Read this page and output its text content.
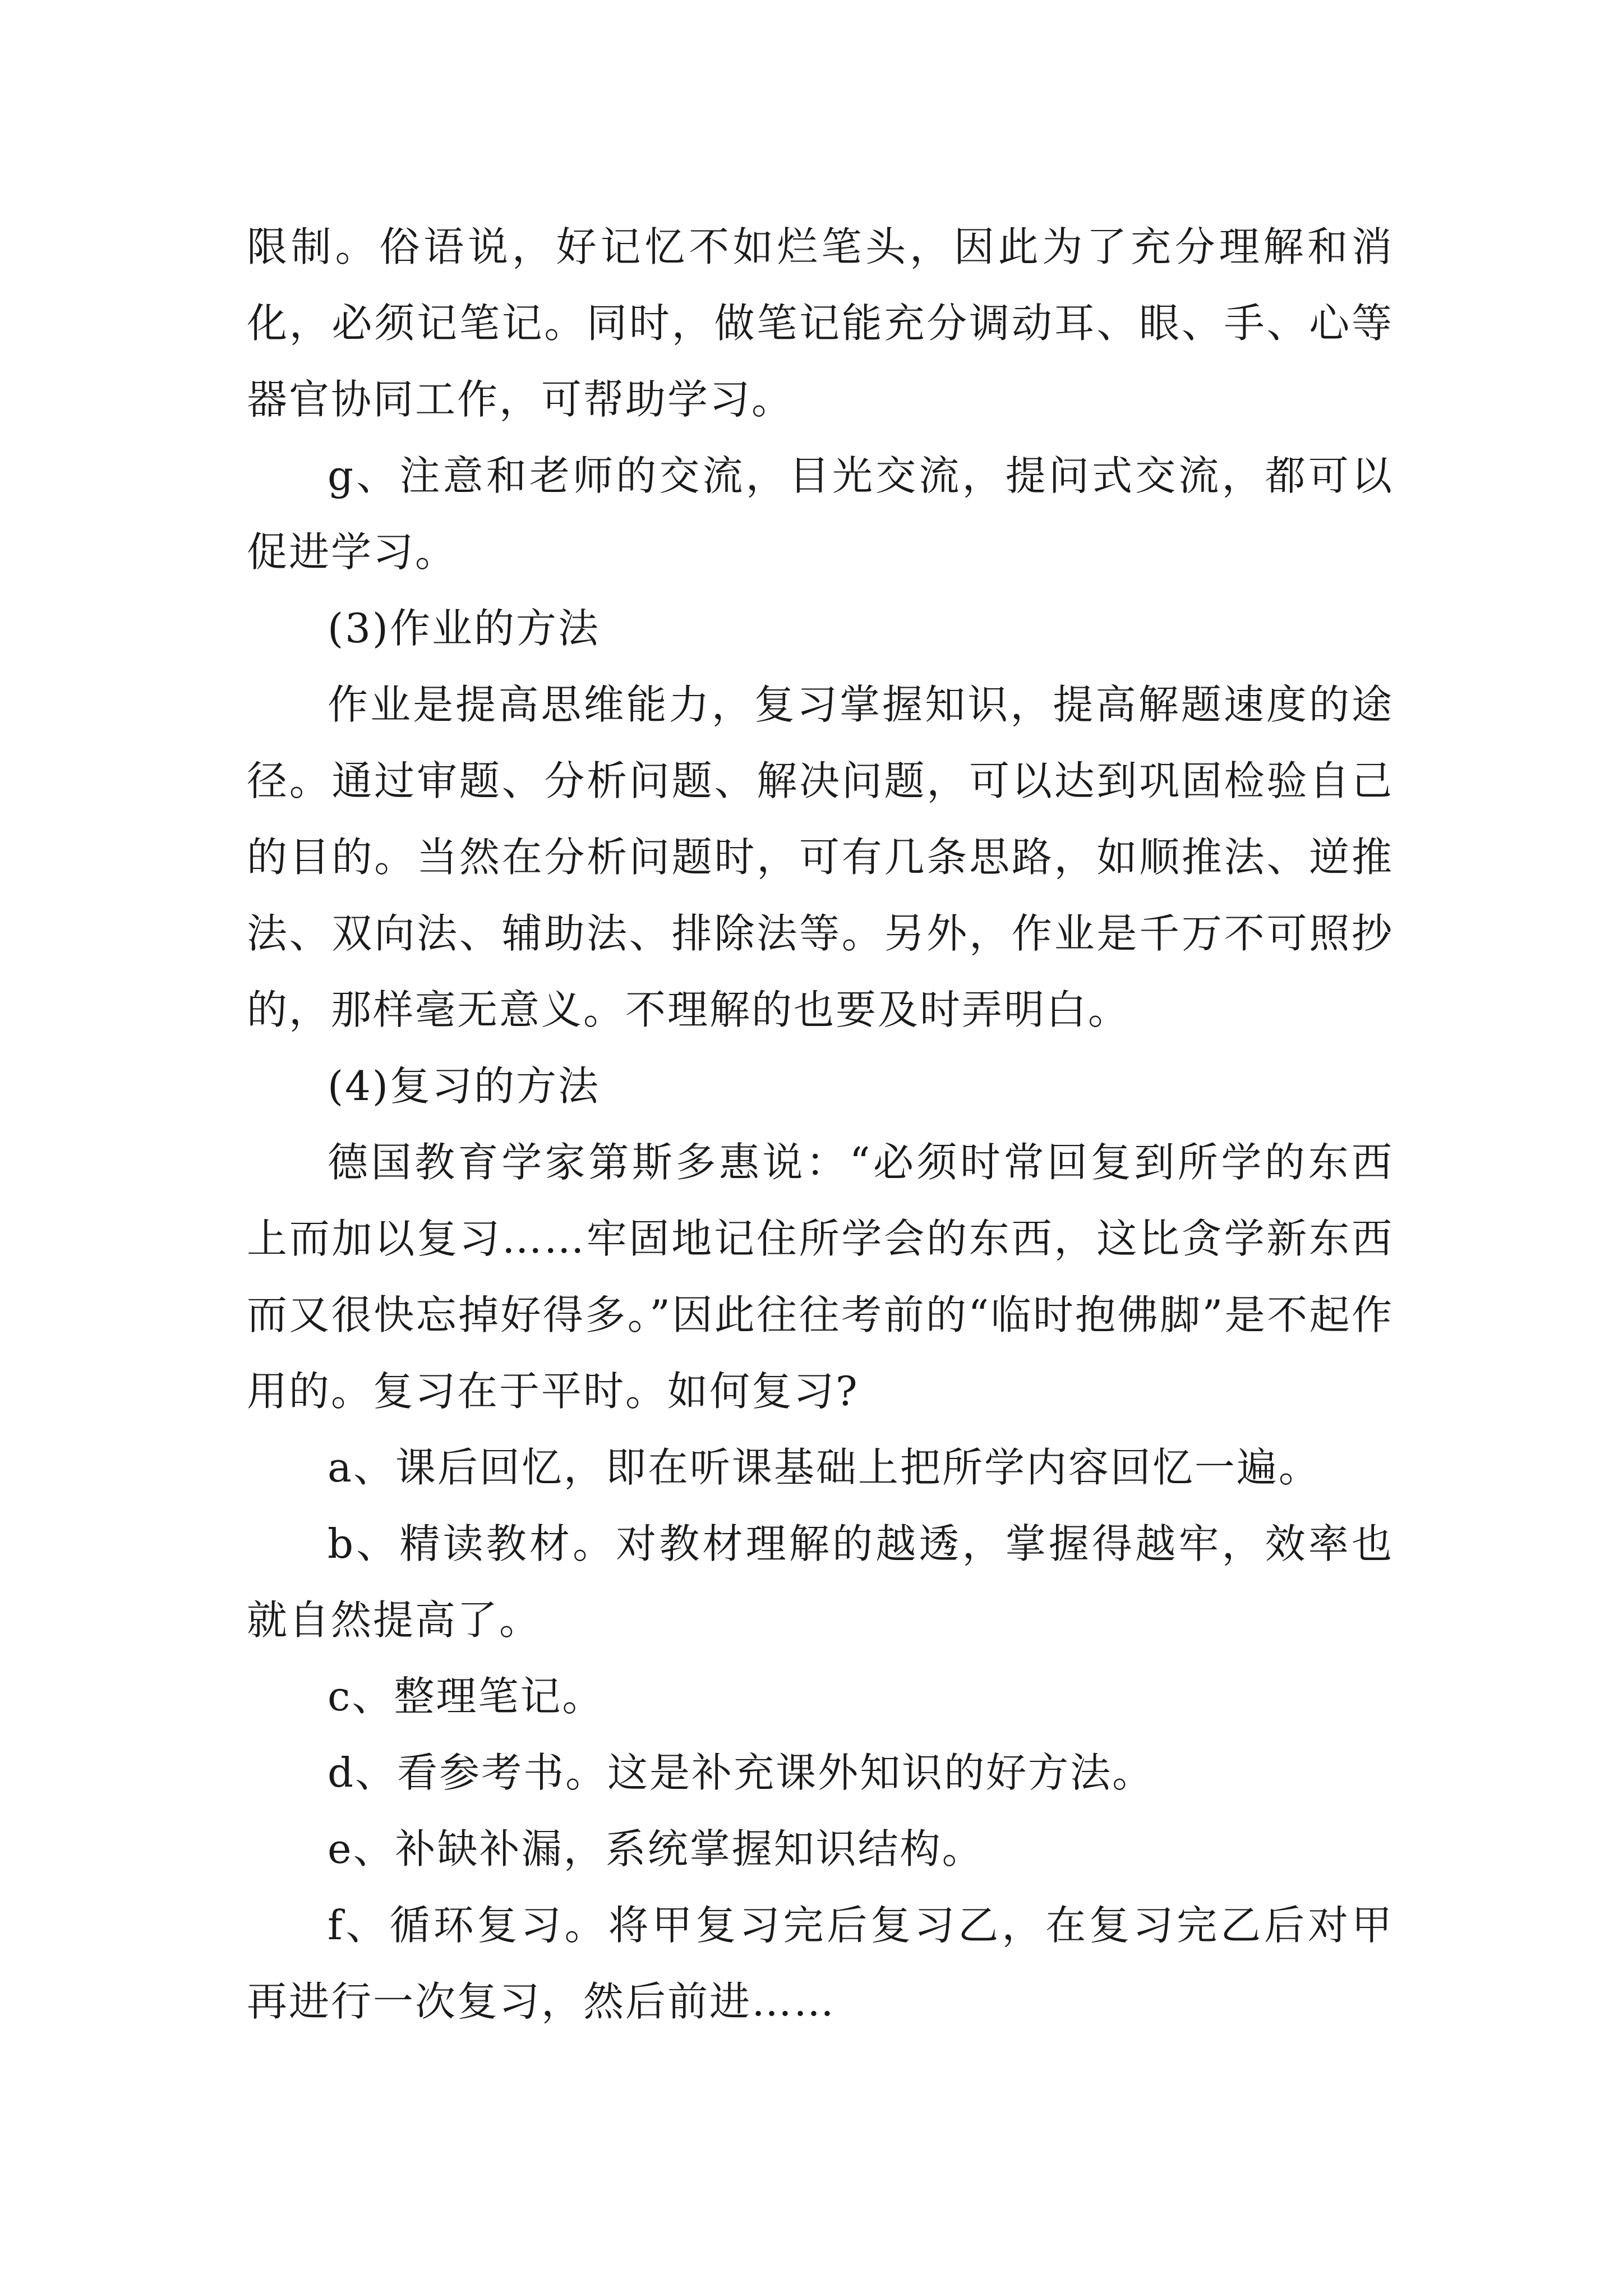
限制。俗语说，好记忆不如烂笔头，因此为了充分理解和消化，必须记笔记。同时，做笔记能充分调动耳、眼、手、心等器官协同工作，可帮助学习。

g、注意和老师的交流，目光交流，提问式交流，都可以促进学习。

(3)作业的方法

作业是提高思维能力，复习掌握知识，提高解题速度的途径。通过审题、分析问题、解决问题，可以达到巩固检验自己的目的。当然在分析问题时，可有几条思路，如顺推法、逆推法、双向法、辅助法、排除法等。另外，作业是千万不可照抄的，那样毫无意义。不理解的也要及时弄明白。

(4)复习的方法

德国教育学家第斯多惠说：“必须时常回复到所学的东西上而加以复习……牢固地记住所学会的东西，这比贪学新东西而又很快忘掉好得多。”因此往往考前的“临时抱佛脚”是不起作用的。复习在于平时。如何复习?

a、课后回忆，即在听课基础上把所学内容回忆一遍。

b、精读教材。对教材理解的越透，掌握得越牢，效率也就自然提高了。

c、整理笔记。

d、看参考书。这是补充课外知识的好方法。

e、补缺补漏，系统掌握知识结构。

f、循环复习。将甲复习完后复习乙，在复习完乙后对甲再进行一次复习，然后前进……
